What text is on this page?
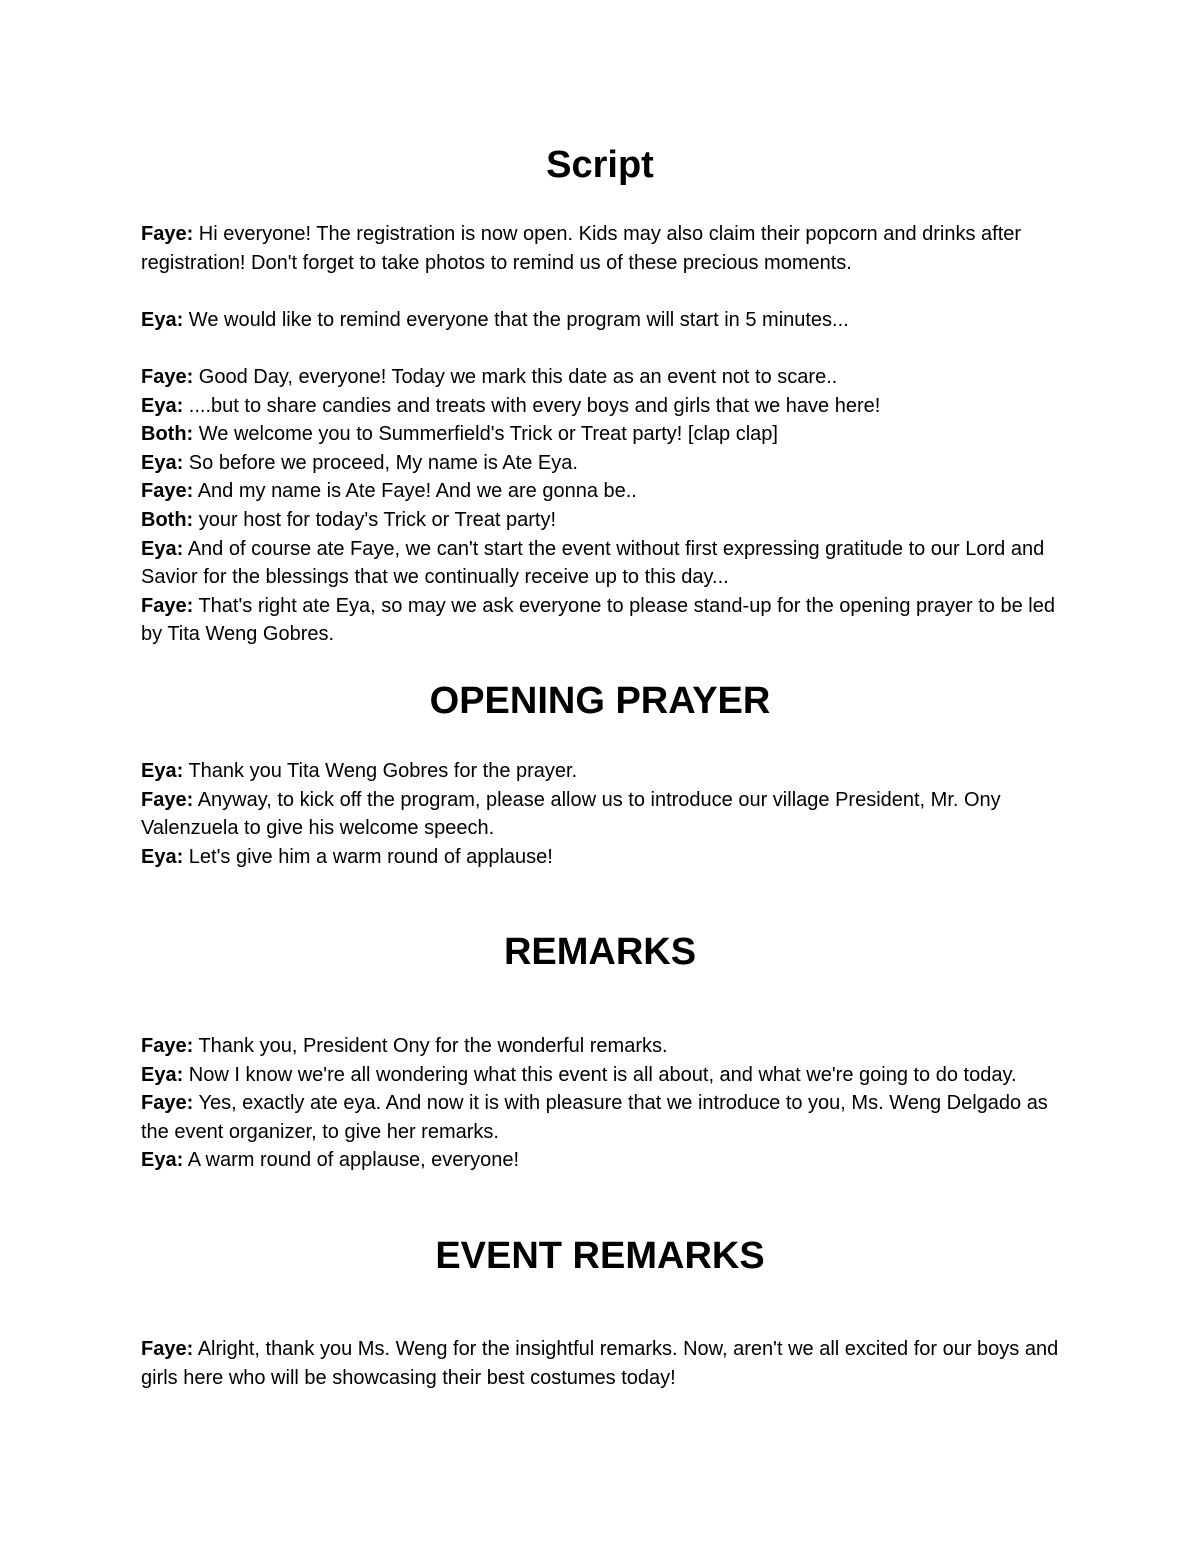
Script

Faye: Hi everyone! The registration is now open. Kids may also claim their popcorn and drinks after registration! Don't forget to take photos to remind us of these precious moments.

Eya: We would like to remind everyone that the program will start in 5 minutes...

Faye: Good Day, everyone! Today we mark this date as an event not to scare..

Eya: ....but to share candies and treats with every boys and girls that we have here!

Both: We welcome you to Summerfield's Trick or Treat party! [clap clap]

Eya: So before we proceed, My name is Ate Eya.

Faye: And my name is Ate Faye! And we are gonna be..

Both: your host for today's Trick or Treat party!

Eya: And of course ate Faye, we can't start the event without first expressing gratitude to our Lord and Savior for the blessings that we continually receive up to this day...

Faye: That's right ate Eya, so may we ask everyone to please stand-up for the opening prayer to be led by Tita Weng Gobres.

OPENING PRAYER

Eya: Thank you Tita Weng Gobres for the prayer.

Faye: Anyway, to kick off the program, please allow us to introduce our village President, Mr. Ony Valenzuela to give his welcome speech.

Eya: Let's give him a warm round of applause!

REMARKS

Faye: Thank you, President Ony for the wonderful remarks.

Eya: Now I know we're all wondering what this event is all about, and what we're going to do today.

Faye: Yes, exactly ate eya. And now it is with pleasure that we introduce to you, Ms. Weng Delgado as the event organizer, to give her remarks.

Eya: A warm round of applause, everyone!

EVENT REMARKS

Faye: Alright, thank you Ms. Weng for the insightful remarks. Now, aren't we all excited for our boys and girls here who will be showcasing their best costumes today!
